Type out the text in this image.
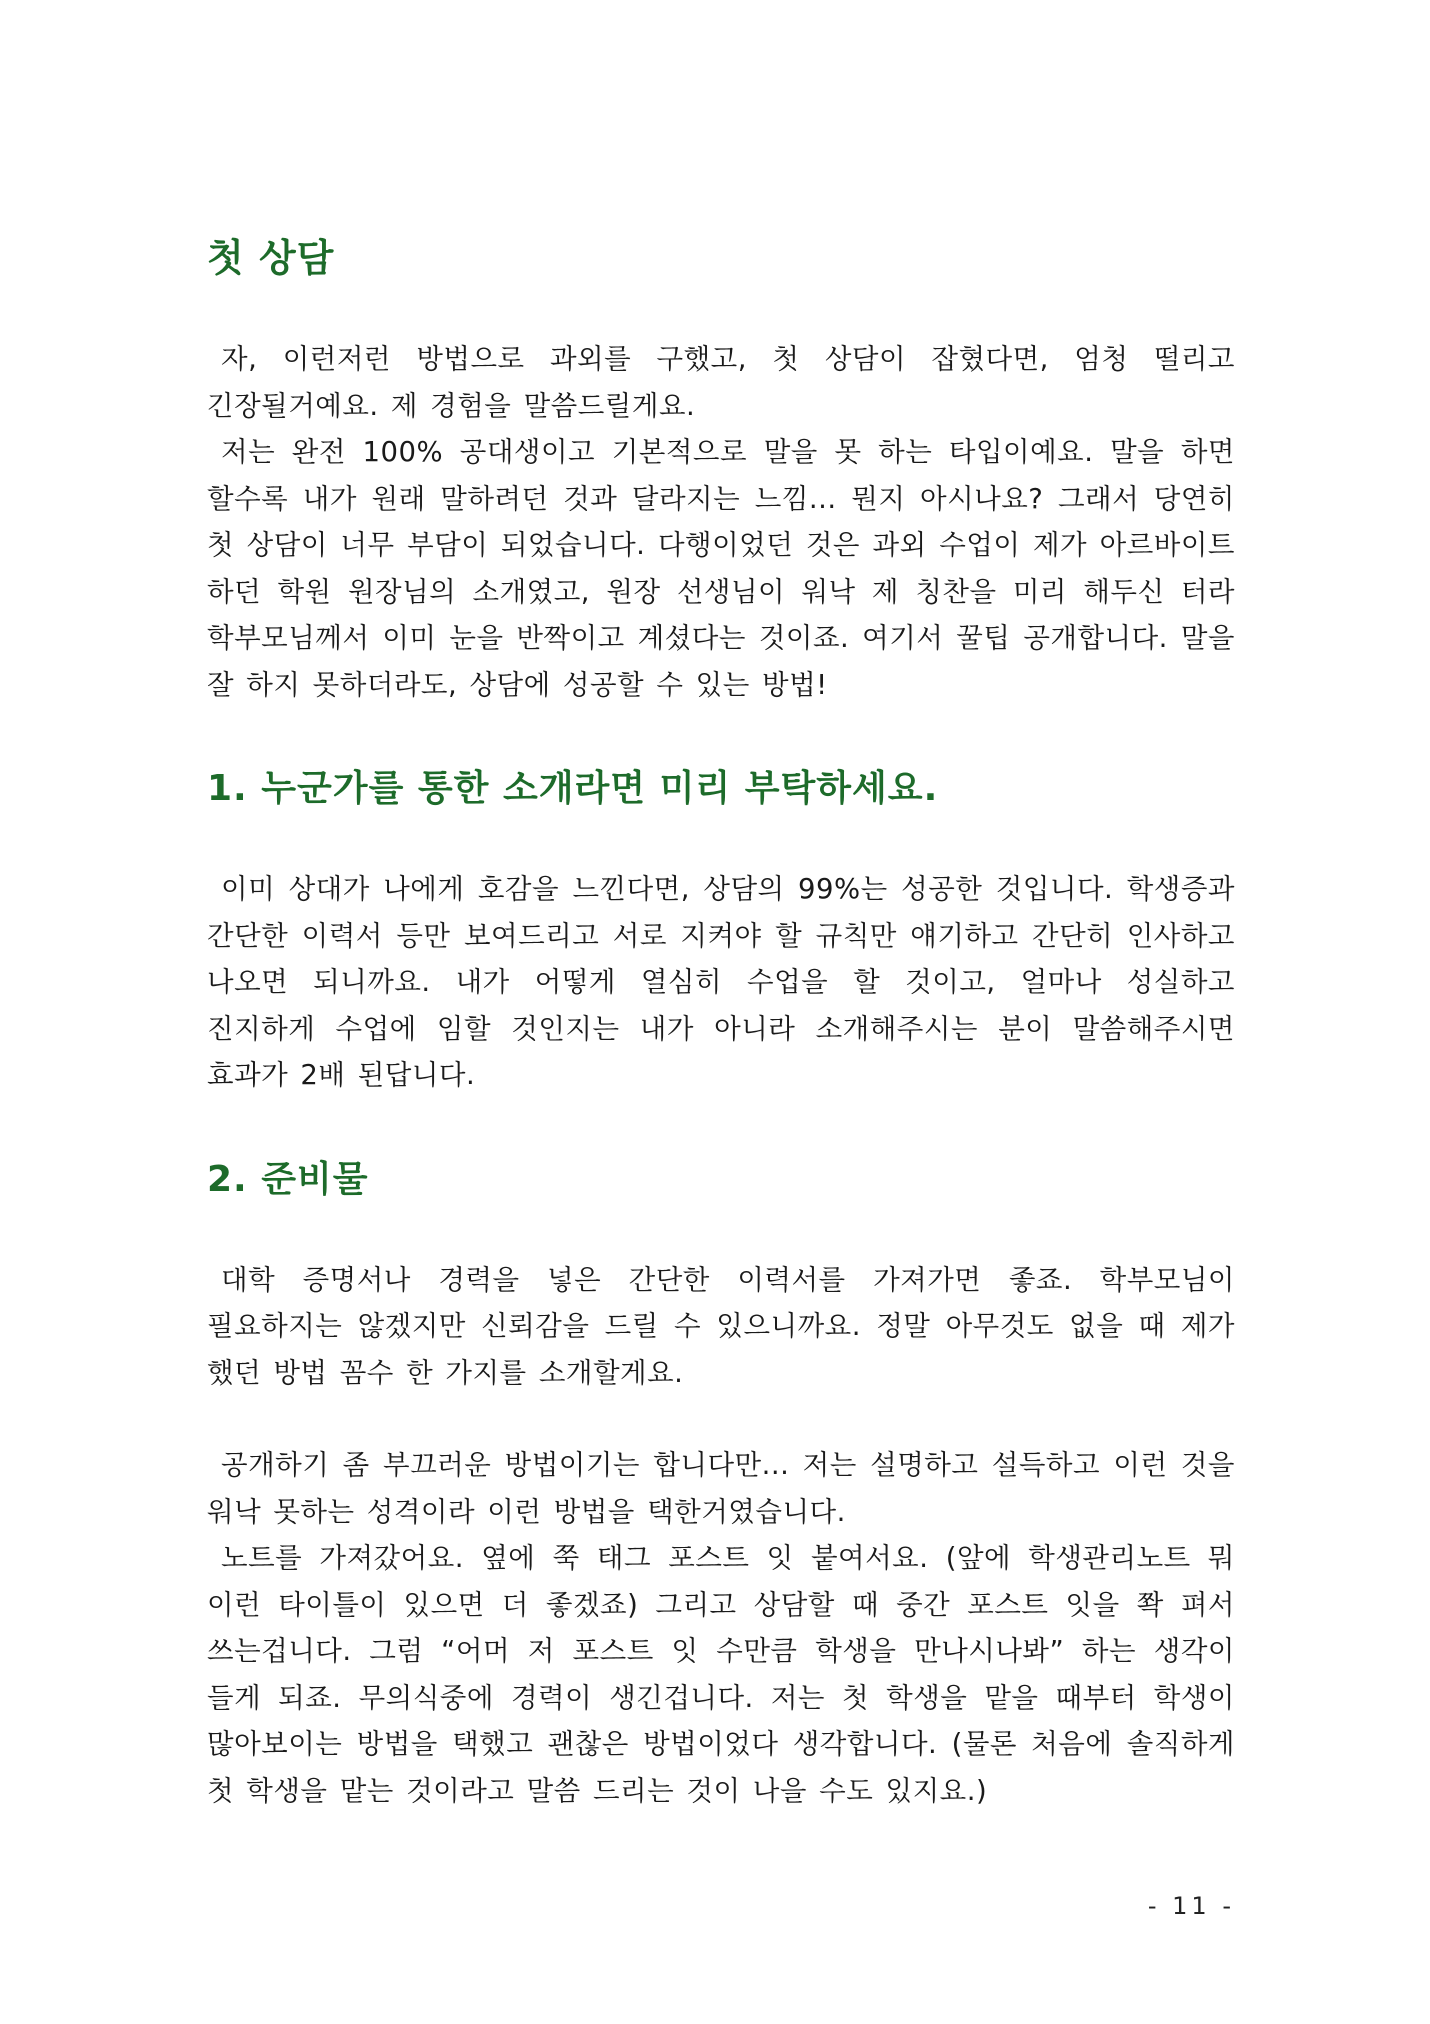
첫 상담

자, 이런저런 방법으로 과외를 구했고, 첫 상담이 잡혔다면, 엄청 떨리고 긴장될거예요. 제 경험을 말씀드릴게요.

저는 완전 100% 공대생이고 기본적으로 말을 못 하는 타입이예요. 말을 하면 할수록 내가 원래 말하려던 것과 달라지는 느낌... 뭔지 아시나요? 그래서 당연히 첫 상담이 너무 부담이 되었습니다. 다행이었던 것은 과외 수업이 제가 아르바이트 하던 학원 원장님의 소개였고, 원장 선생님이 워낙 제 칭찬을 미리 해두신 터라 학부모님께서 이미 눈을 반짝이고 계셨다는 것이죠. 여기서 꿀팁 공개합니다. 말을 잘 하지 못하더라도, 상담에 성공할 수 있는 방법!

1. 누군가를 통한 소개라면 미리 부탁하세요.

이미 상대가 나에게 호감을 느낀다면, 상담의 99%는 성공한 것입니다. 학생증과 간단한 이력서 등만 보여드리고 서로 지켜야 할 규칙만 얘기하고 간단히 인사하고 나오면 되니까요. 내가 어떻게 열심히 수업을 할 것이고, 얼마나 성실하고 진지하게 수업에 임할 것인지는 내가 아니라 소개해주시는 분이 말씀해주시면 효과가 2배 된답니다.

2. 준비물

대학 증명서나 경력을 넣은 간단한 이력서를 가져가면 좋죠. 학부모님이 필요하지는 않겠지만 신뢰감을 드릴 수 있으니까요. 정말 아무것도 없을 때 제가 했던 방법 꼼수 한 가지를 소개할게요.

공개하기 좀 부끄러운 방법이기는 합니다만... 저는 설명하고 설득하고 이런 것을 워낙 못하는 성격이라 이런 방법을 택한거였습니다.

노트를 가져갔어요. 옆에 쭉 태그 포스트 잇 붙여서요. (앞에 학생관리노트 뭐 이런 타이틀이 있으면 더 좋겠죠) 그리고 상담할 때 중간 포스트 잇을 쫙 펴서 쓰는겁니다. 그럼 “어머 저 포스트 잇 수만큼 학생을 만나시나봐” 하는 생각이 들게 되죠. 무의식중에 경력이 생긴겁니다. 저는 첫 학생을 맡을 때부터 학생이 많아보이는 방법을 택했고 괜찮은 방법이었다 생각합니다. (물론 처음에 솔직하게 첫 학생을 맡는 것이라고 말씀 드리는 것이 나을 수도 있지요.)

- 11 -
